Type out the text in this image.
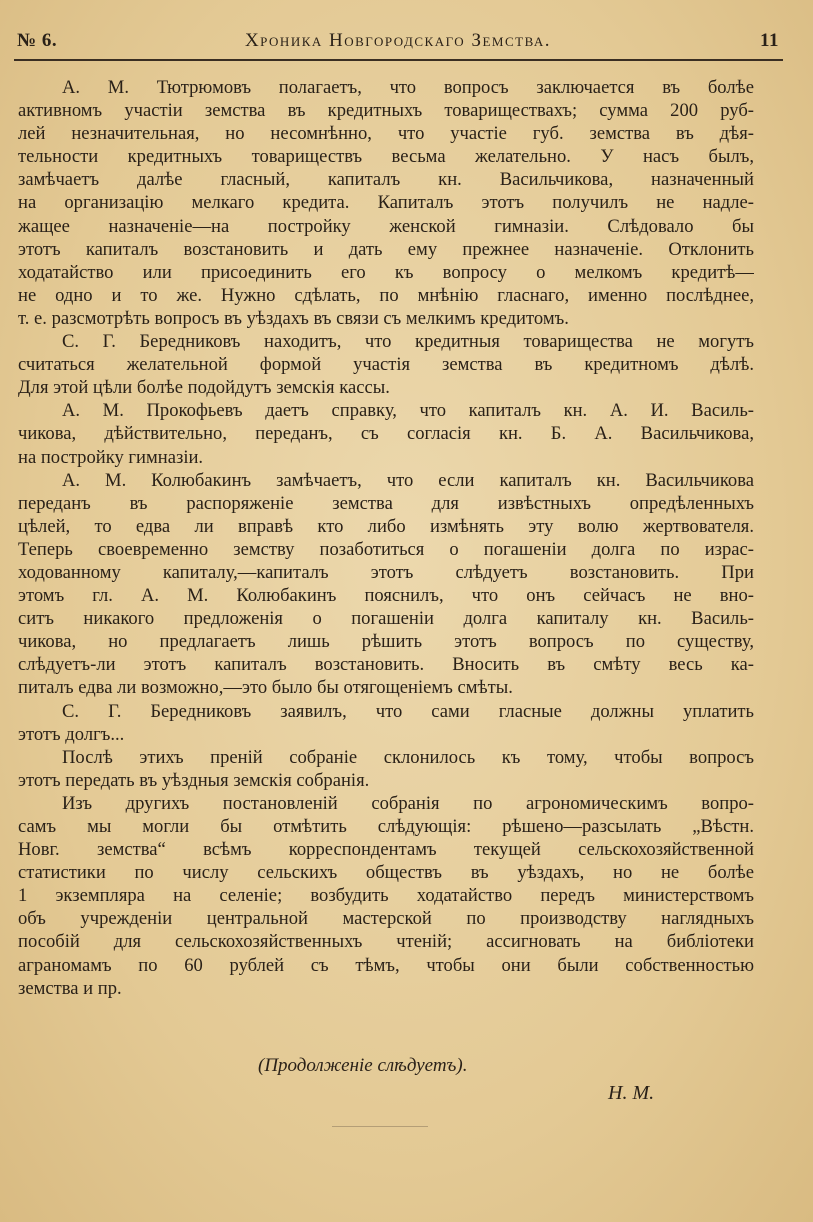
№ 6.	Хроника Новгородскаго Земства.	11
А. М. Тютрюмовъ полагаетъ, что вопросъ заключается въ болѣе
активномъ участіи земства въ кредитныхъ товариществахъ; сумма 200 руб-
лей незначительная, но несомнѣнно, что участіе губ. земства въ дѣя-
тельности кредитныхъ товариществъ весьма желательно. У насъ былъ,
замѣчаетъ далѣе гласный, капиталъ кн. Васильчикова, назначенный
на организацію мелкаго кредита. Капиталъ этотъ получилъ не надле-
жащее назначеніе—на постройку женской гимназіи. Слѣдовало бы
этотъ капиталъ возстановить и дать ему прежнее назначеніе. Отклонить
ходатайство или присоединить его къ вопросу о мелкомъ кредитѣ—
не одно и то же. Нужно сдѣлать, по мнѣнію гласнаго, именно послѣднее,
т. е. разсмотрѣть вопросъ въ уѣздахъ въ связи съ мелкимъ кредитомъ.
С. Г. Бередниковъ находитъ, что кредитныя товарищества не могутъ
считаться желательной формой участія земства въ кредитномъ дѣлѣ.
Для этой цѣли болѣе подойдутъ земскія кассы.
А. М. Прокофьевъ даетъ справку, что капиталъ кн. А. И. Василь-
чикова, дѣйствительно, переданъ, съ согласія кн. Б. А. Васильчикова,
на постройку гимназіи.
А. М. Колюбакинъ замѣчаетъ, что если капиталъ кн. Васильчикова
переданъ въ распоряженіе земства для извѣстныхъ опредѣленныхъ
цѣлей, то едва ли вправѣ кто либо измѣнять эту волю жертвователя.
Теперь своевременно земству позаботиться о погашеніи долга по израс-
ходованному капиталу,—капиталъ этотъ слѣдуетъ возстановить. При
этомъ гл. А. М. Колюбакинъ пояснилъ, что онъ сейчасъ не вно-
ситъ никакого предложенія о погашеніи долга капиталу кн. Василь-
чикова, но предлагаетъ лишь рѣшить этотъ вопросъ по существу,
слѣдуетъ-ли этотъ капиталъ возстановить. Вносить въ смѣту весь ка-
питалъ едва ли возможно,—это было бы отягощеніемъ смѣты.
С. Г. Бередниковъ заявилъ, что сами гласные должны уплатить
этотъ долгъ...
Послѣ этихъ преній собраніе склонилось къ тому, чтобы вопросъ
этотъ передать въ уѣздныя земскія собранія.
Изъ другихъ постановленій собранія по агрономическимъ вопро-
самъ мы могли бы отмѣтить слѣдующія: рѣшено—разсылать „Вѣстн.
Новг. земства“ всѣмъ корреспондентамъ текущей сельскохозяйственной
статистики по числу сельскихъ обществъ въ уѣздахъ, но не болѣе
1 экземпляра на селеніе; возбудить ходатайство передъ министерствомъ
объ учрежденіи центральной мастерской по производству наглядныхъ
пособій для сельскохозяйственныхъ чтеній; ассигновать на библіотеки
аграномамъ по 60 рублей съ тѣмъ, чтобы они были собственностью
земства и пр.
(Продолженіе слѣдуетъ).
Н. М.
